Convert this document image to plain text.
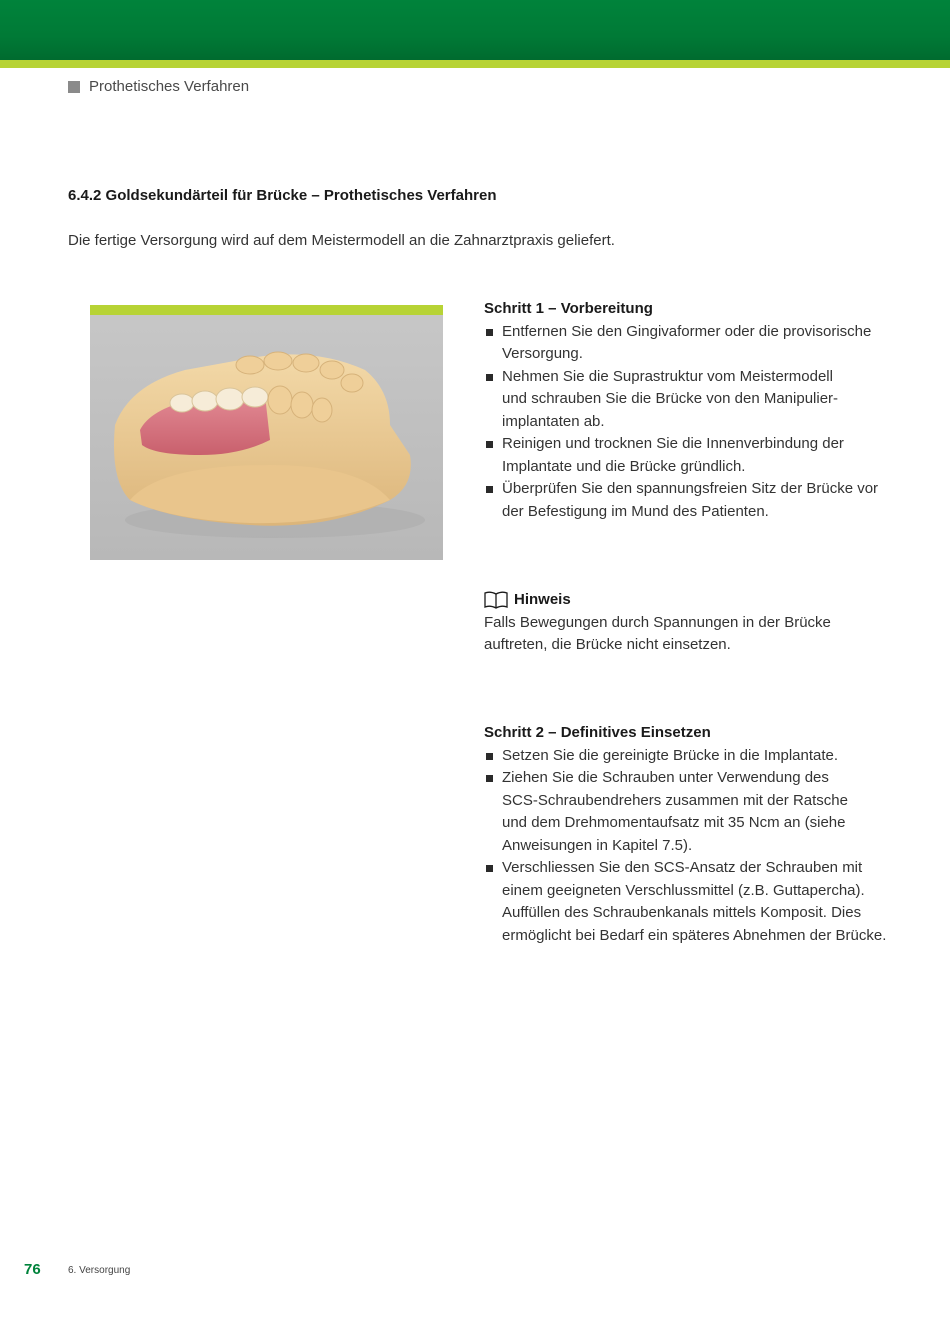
Prothetisches Verfahren
6.4.2 Goldsekundärteil für Brücke – Prothetisches Verfahren
Die fertige Versorgung wird auf dem Meistermodell an die Zahnarztpraxis geliefert.
Schritt 1 – Vorbereitung
Entfernen Sie den Gingivaformer oder die provisorische
Versorgung.
Nehmen Sie die Suprastruktur vom Meistermodell
und schrauben Sie die Brücke von den Manipulier-
implantaten ab.
Reinigen und trocknen Sie die Innenverbindung der
Implantate und die Brücke gründlich.
Überprüfen Sie den spannungsfreien Sitz der Brücke vor
der Befestigung im Mund des Patienten.
Hinweis
Falls Bewegungen durch Spannungen in der Brücke
auftreten, die Brücke nicht einsetzen.
Schritt 2 – Definitives Einsetzen
Setzen Sie die gereinigte Brücke in die Implantate.
Ziehen Sie die Schrauben unter Verwendung des
SCS-Schraubendrehers zusammen mit der Ratsche
und dem Drehmomentaufsatz mit 35 Ncm an (siehe
Anweisungen in Kapitel 7.5).
Verschliessen Sie den SCS-Ansatz der Schrauben mit
einem geeigneten Verschlussmittel (z.B. Guttapercha).
Auffüllen des Schraubenkanals mittels Komposit. Dies
ermöglicht bei Bedarf ein späteres Abnehmen der Brücke.
76	6. Versorgung
